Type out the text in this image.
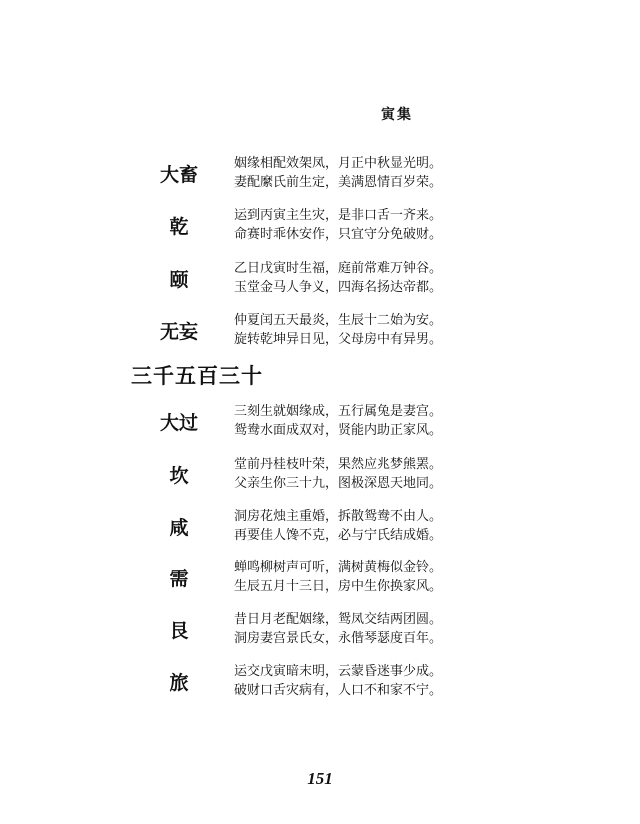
寅集
大畜
姻缘相配效架凤，月正中秋显光明。
妻配縻氏前生定，美满恩情百岁荣。
乾
运到丙寅主生灾，是非口舌一齐来。
命赛时乖休安作，只宜守分免破财。
颐
乙日戊寅时生福，庭前常难万钟谷。
玉堂金马人争义，四海名扬达帝都。
无妄
仲夏闰五天最炎，生辰十二始为安。
旋转乾坤异日见，父母房中有异男。
三千五百三十
大过
三刻生就姻缘成，五行属兔是妻宫。
鸳鸯水面成双对，贤能内助正家风。
坎
堂前丹桂枝叶荣，果然应兆梦熊罴。
父亲生你三十九，图极深恩天地同。
咸
洞房花烛主重婚，拆散鸳鸯不由人。
再要佳人馋不克，必与宁氏结成婚。
需
蝉鸣柳树声可听，满树黄梅似金铃。
生辰五月十三日，房中生你换家风。
艮
昔日月老配姻缘，鸳凤交结两团圆。
洞房妻宫景氏女，永偕琴瑟度百年。
旅
运交戊寅暗末明，云蒙昏迷事少成。
破财口舌灾病有，人口不和家不宁。
151
